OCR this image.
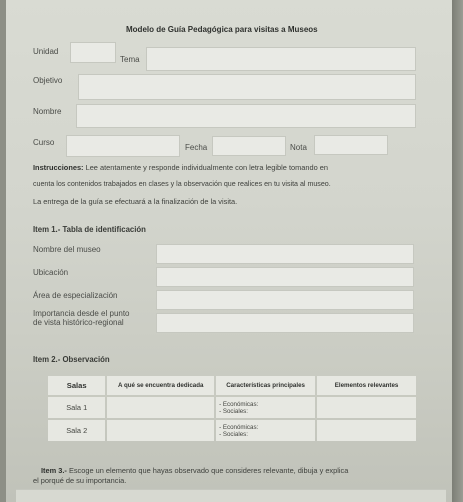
Modelo de Guía Pedagógica para visitas a Museos
Unidad
Tema
Objetivo
Nombre
Curso
Fecha	Nota
Instrucciones: Lee atentamente y responde individualmente con letra legible tomando en
cuenta los contenidos trabajados en clases y la observación que realices en tu visita al museo.
La entrega de la guía se efectuará a la finalización de la visita.
Item 1.- Tabla de identificación
Nombre del museo
Ubicación
Área de especialización
Importancia desde el punto
de vista histórico-regional
Item 2.- Observación
Salas	A qué se encuentra dedicada	Características principales	Elementos relevantes
Sala 1		- Económicas:
- Sociales:	

Sala 2		- Económicas:
- Sociales:	

Item 3.- Escoge un elemento que hayas observado que consideres relevante, dibuja y explica
el porqué de su importancia.
